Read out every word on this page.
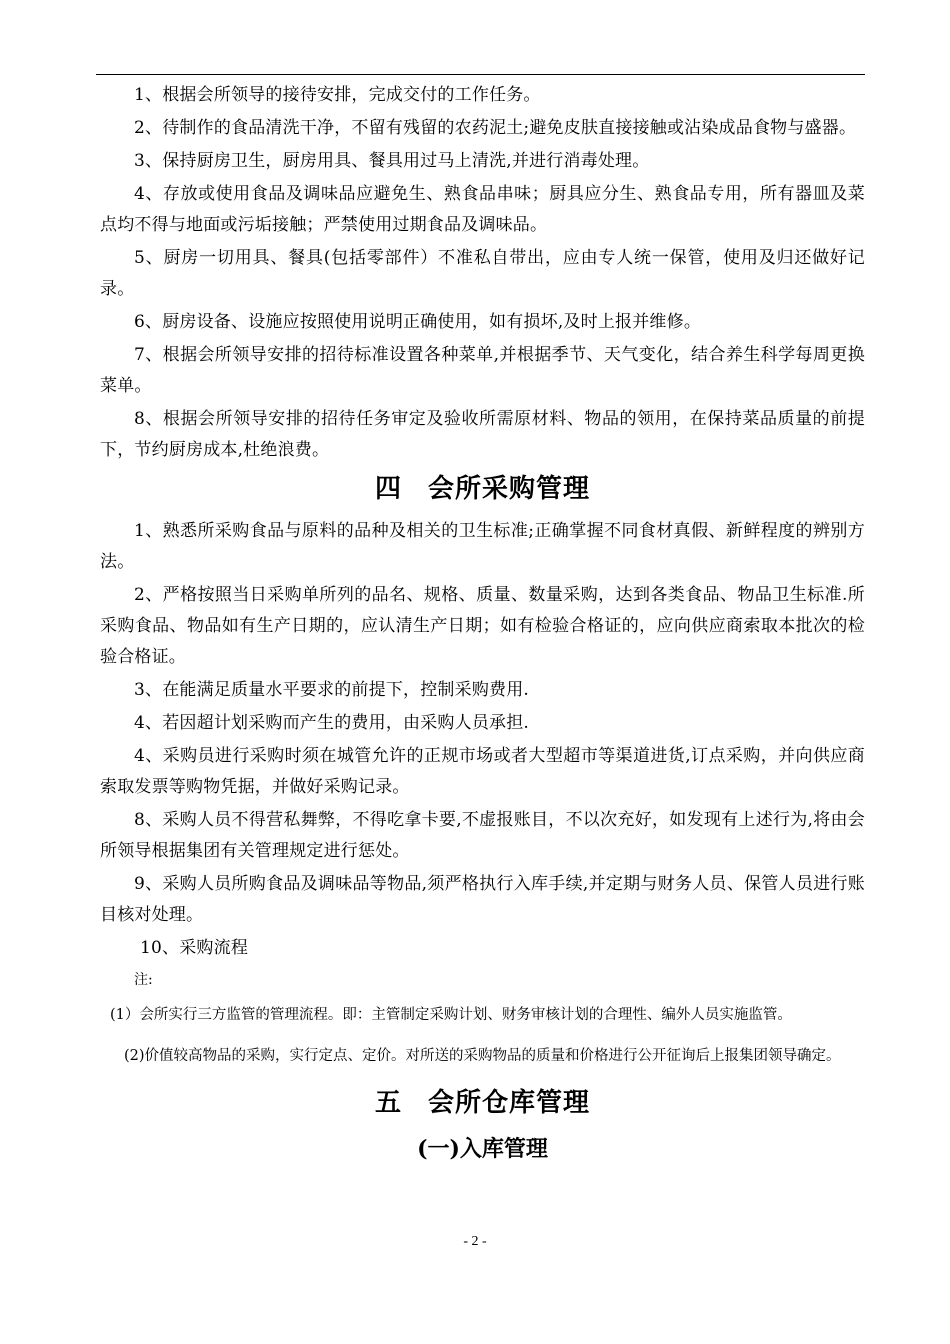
1、根据会所领导的接待安排，完成交付的工作任务。

2、待制作的食品清洗干净，不留有残留的农药泥土;避免皮肤直接接触或沾染成品食物与盛器。

3、保持厨房卫生，厨房用具、餐具用过马上清洗,并进行消毒处理。

4、存放或使用食品及调味品应避免生、熟食品串味；厨具应分生、熟食品专用，所有器皿及菜点均不得与地面或污垢接触；严禁使用过期食品及调味品。

5、厨房一切用具、餐具(包括零部件）不准私自带出，应由专人统一保管，使用及归还做好记录。

6、厨房设备、设施应按照使用说明正确使用，如有损坏,及时上报并维修。

7、根据会所领导安排的招待标准设置各种菜单,并根据季节、天气变化，结合养生科学每周更换菜单。

8、根据会所领导安排的招待任务审定及验收所需原材料、物品的领用，在保持菜品质量的前提下，节约厨房成本,杜绝浪费。

四 会所采购管理

1、熟悉所采购食品与原料的品种及相关的卫生标准;正确掌握不同食材真假、新鲜程度的辨别方法。

2、严格按照当日采购单所列的品名、规格、质量、数量采购，达到各类食品、物品卫生标准.所采购食品、物品如有生产日期的，应认清生产日期；如有检验合格证的，应向供应商索取本批次的检验合格证。

3、在能满足质量水平要求的前提下，控制采购费用.

4、若因超计划采购而产生的费用，由采购人员承担.

4、采购员进行采购时须在城管允许的正规市场或者大型超市等渠道进货,订点采购，并向供应商索取发票等购物凭据，并做好采购记录。

8、采购人员不得营私舞弊，不得吃拿卡要,不虚报账目，不以次充好，如发现有上述行为,将由会所领导根据集团有关管理规定进行惩处。

9、采购人员所购食品及调味品等物品,须严格执行入库手续,并定期与财务人员、保管人员进行账目核对处理。

10、采购流程

注:

(1）会所实行三方监管的管理流程。即：主管制定采购计划、财务审核计划的合理性、编外人员实施监管。

(2)价值较高物品的采购，实行定点、定价。对所送的采购物品的质量和价格进行公开征询后上报集团领导确定。

五 会所仓库管理
(一)入库管理
- 2 -
